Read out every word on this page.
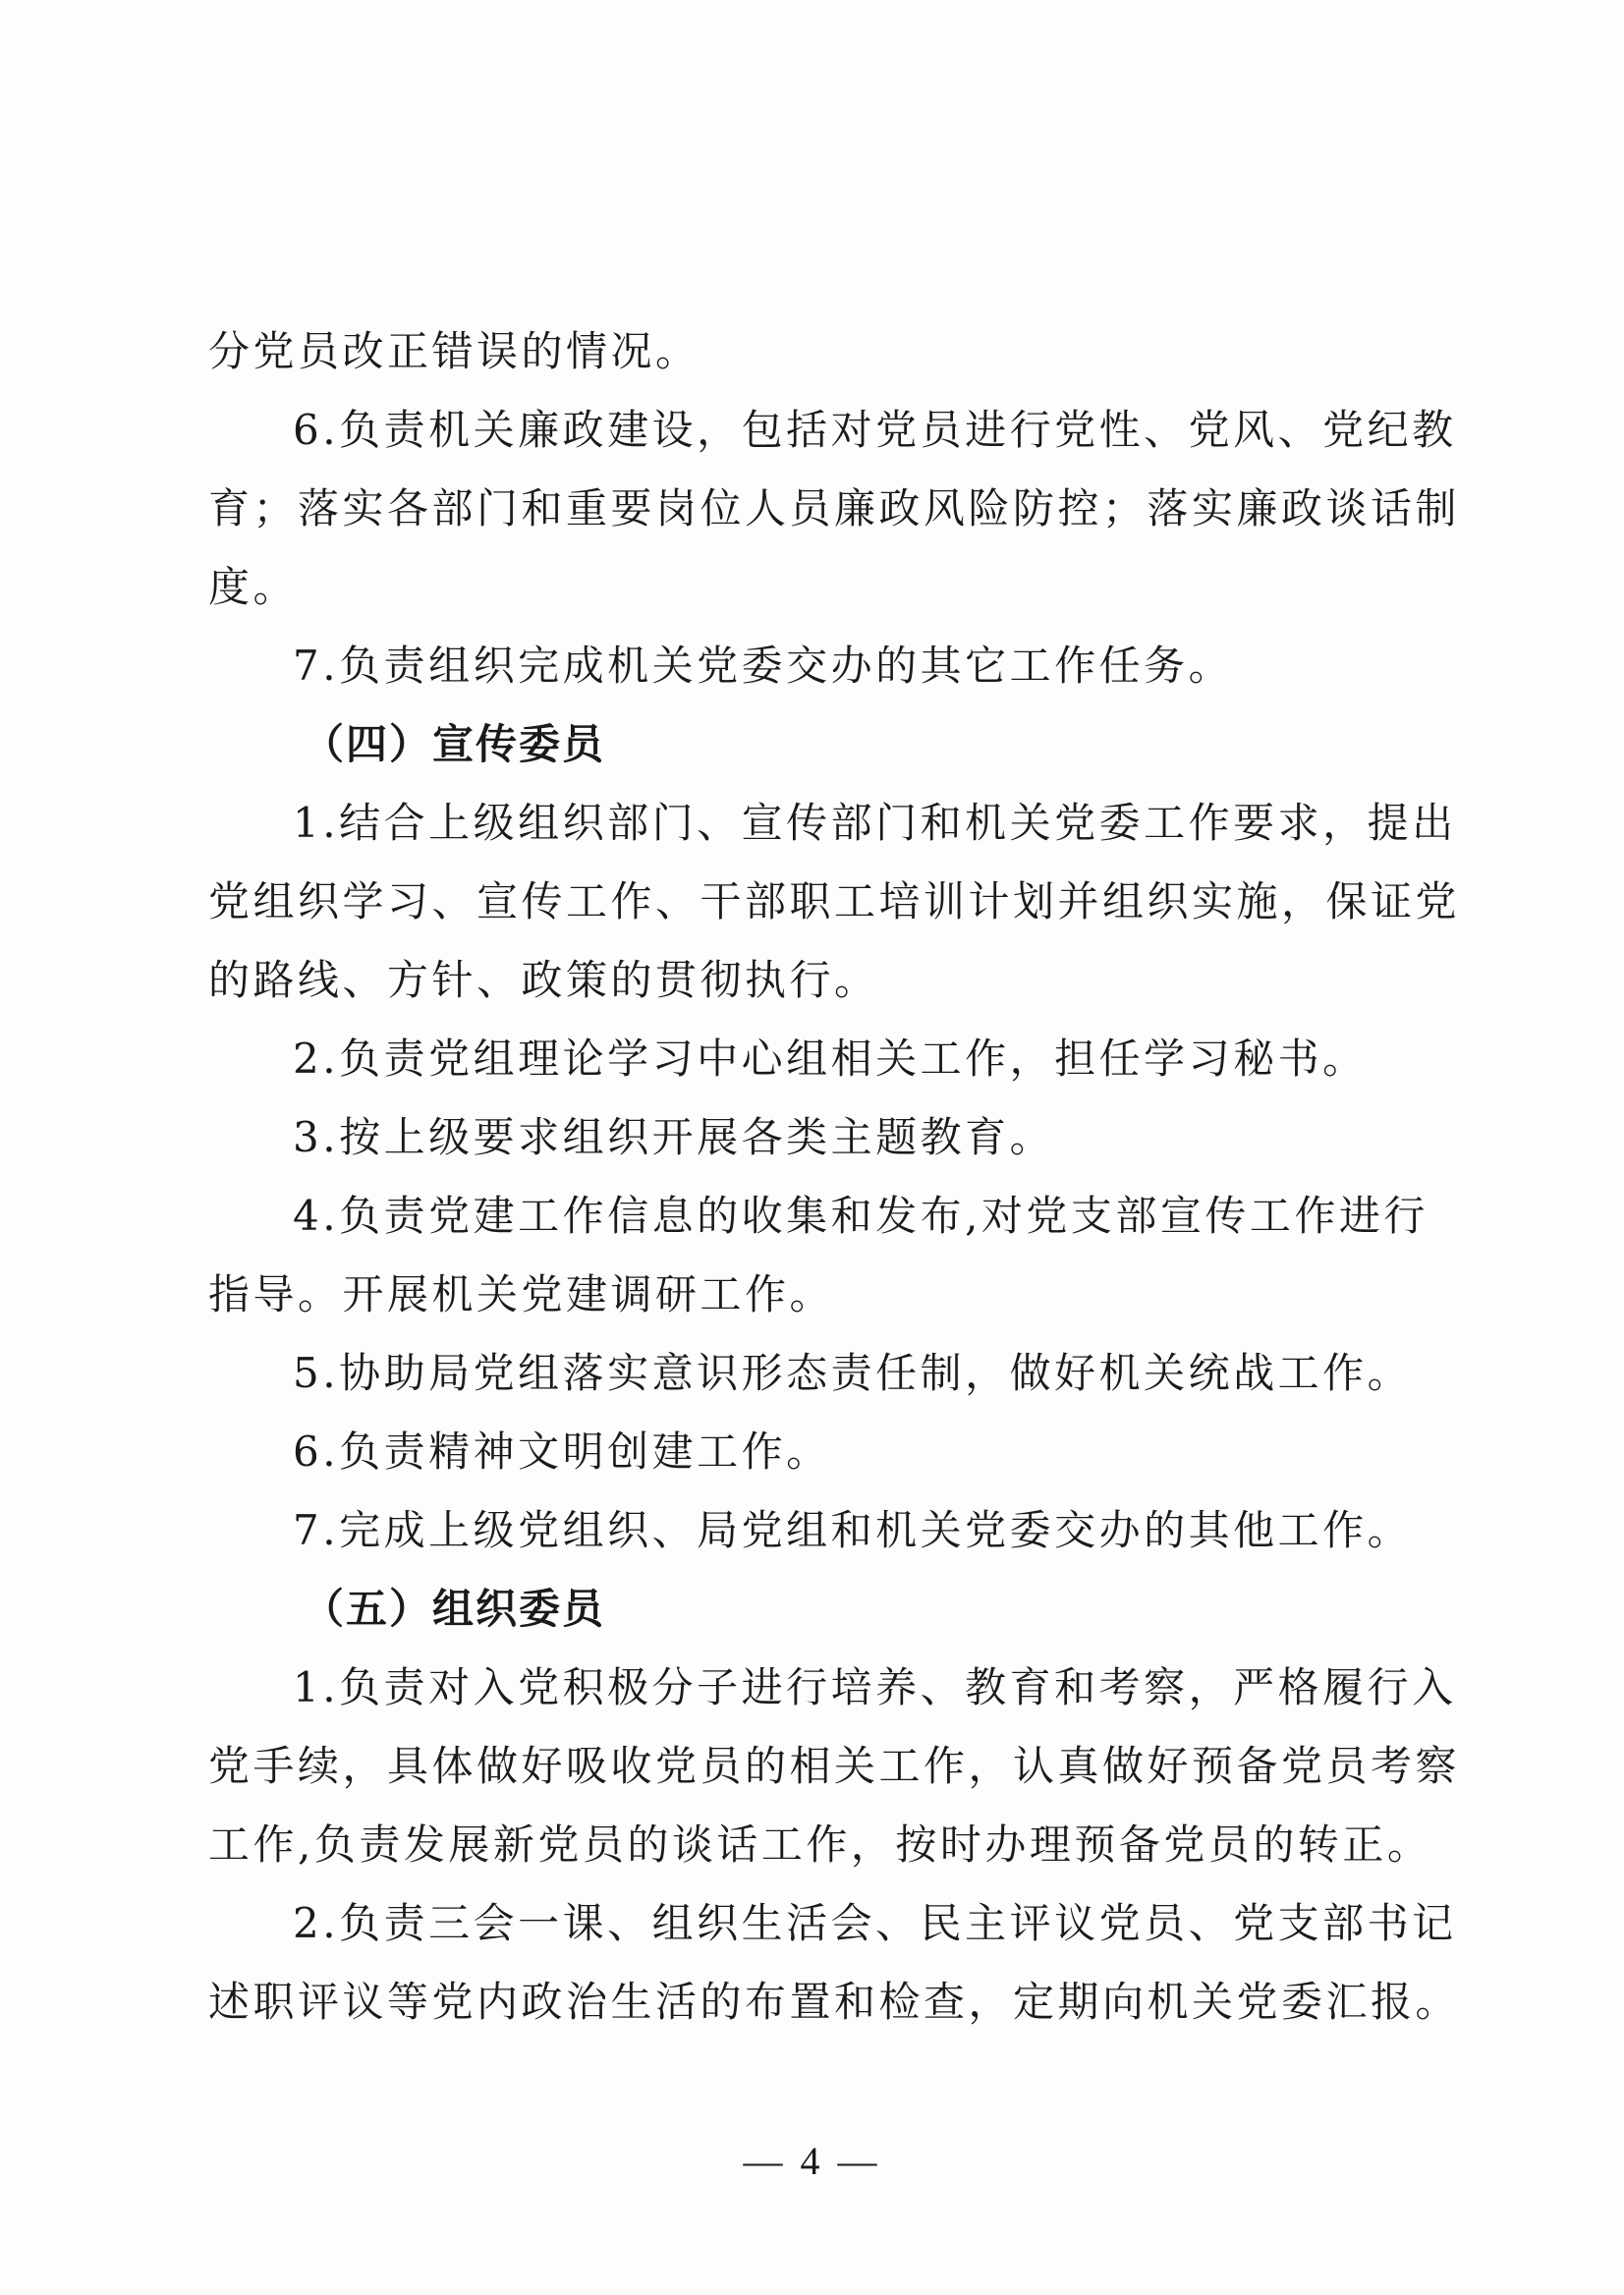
分党员改正错误的情况。
6.负责机关廉政建设，包括对党员进行党性、党风、党纪教
育；落实各部门和重要岗位人员廉政风险防控；落实廉政谈话制
度。
7.负责组织完成机关党委交办的其它工作任务。
（四）宣传委员
1.结合上级组织部门、宣传部门和机关党委工作要求，提出
党组织学习、宣传工作、干部职工培训计划并组织实施，保证党
的路线、方针、政策的贯彻执行。
2.负责党组理论学习中心组相关工作，担任学习秘书。
3.按上级要求组织开展各类主题教育。
4.负责党建工作信息的收集和发布,对党支部宣传工作进行
指导。开展机关党建调研工作。
5.协助局党组落实意识形态责任制，做好机关统战工作。
6.负责精神文明创建工作。
7.完成上级党组织、局党组和机关党委交办的其他工作。
（五）组织委员
1.负责对入党积极分子进行培养、教育和考察，严格履行入
党手续，具体做好吸收党员的相关工作，认真做好预备党员考察
工作,负责发展新党员的谈话工作，按时办理预备党员的转正。
2.负责三会一课、组织生活会、民主评议党员、党支部书记
述职评议等党内政治生活的布置和检查，定期向机关党委汇报。
— 4 —
